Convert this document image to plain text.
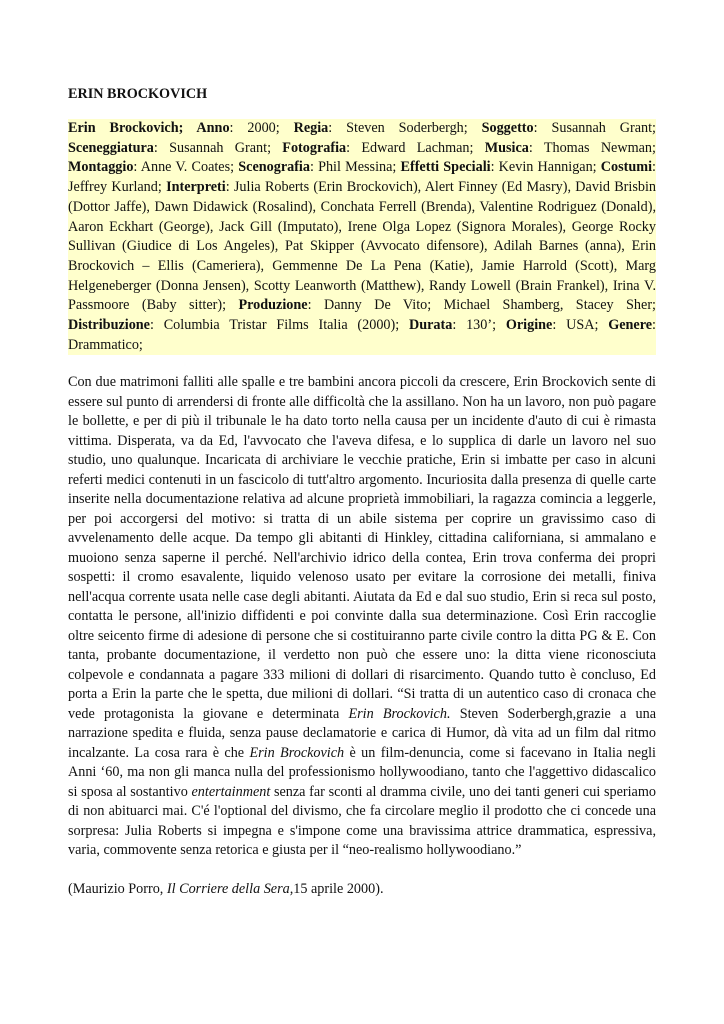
ERIN BROCKOVICH

Erin Brockovich; Anno: 2000; Regia: Steven Soderbergh; Soggetto: Susannah Grant; Sceneggiatura: Susannah Grant; Fotografia: Edward Lachman; Musica: Thomas Newman; Montaggio: Anne V. Coates; Scenografia: Phil Messina; Effetti Speciali: Kevin Hannigan; Costumi: Jeffrey Kurland; Interpreti: Julia Roberts (Erin Brockovich), Alert Finney (Ed Masry), David Brisbin (Dottor Jaffe), Dawn Didawick (Rosalind), Conchata Ferrell (Brenda), Valentine Rodriguez (Donald), Aaron Eckhart (George), Jack Gill (Imputato), Irene Olga Lopez (Signora Morales), George Rocky Sullivan (Giudice di Los Angeles), Pat Skipper (Avvocato difensore), Adilah Barnes (anna), Erin Brockovich – Ellis (Cameriera), Gemmenne De La Pena (Katie), Jamie Harrold (Scott), Marg Helgeneberger (Donna Jensen), Scotty Leanworth (Matthew), Randy Lowell (Brain Frankel), Irina V. Passmoore (Baby sitter); Produzione: Danny De Vito; Michael Shamberg, Stacey Sher; Distribuzione: Columbia Tristar Films Italia (2000); Durata: 130’; Origine: USA; Genere: Drammatico;

Con due matrimoni falliti alle spalle e tre bambini ancora piccoli da crescere, Erin Brockovich sente di essere sul punto di arrendersi di fronte alle difficoltà che la assillano. Non ha un lavoro, non può pagare le bollette, e per di più il tribunale le ha dato torto nella causa per un incidente d'auto di cui è rimasta vittima. Disperata, va da Ed, l'avvocato che l'aveva difesa, e lo supplica di darle un lavoro nel suo studio, uno qualunque. Incaricata di archiviare le vecchie pratiche, Erin si imbatte per caso in alcuni referti medici contenuti in un fascicolo di tutt'altro argomento. Incuriosita dalla presenza di quelle carte inserite nella documentazione relativa ad alcune proprietà immobiliari, la ragazza comincia a leggerle, per poi accorgersi del motivo: si tratta di un abile sistema per coprire un gravissimo caso di avvelenamento delle acque. Da tempo gli abitanti di Hinkley, cittadina californiana, si ammalano e muoiono senza saperne il perché. Nell'archivio idrico della contea, Erin trova conferma dei propri sospetti: il cromo esavalente, liquido velenoso usato per evitare la corrosione dei metalli, finiva nell'acqua corrente usata nelle case degli abitanti. Aiutata da Ed e dal suo studio, Erin si reca sul posto, contatta le persone, all'inizio diffidenti e poi convinte dalla sua determinazione. Così Erin raccoglie oltre seicento firme di adesione di persone che si costituiranno parte civile contro la ditta PG & E. Con tanta, probante documentazione, il verdetto non può che essere uno: la ditta viene riconosciuta colpevole e condannata a pagare 333 milioni di dollari di risarcimento. Quando tutto è concluso, Ed porta a Erin la parte che le spetta, due milioni di dollari. “Si tratta di un autentico caso di cronaca che vede protagonista la giovane e determinata Erin Brockovich. Steven Soderbergh,grazie a una narrazione spedita e fluida, senza pause declamatorie e carica di Humor, dà vita ad un film dal ritmo incalzante. La cosa rara è che Erin Brockovich è un film-denuncia, come si facevano in Italia negli Anni ‘60, ma non gli manca nulla del professionismo hollywoodiano, tanto che l'aggettivo didascalico si sposa al sostantivo entertainment senza far sconti al dramma civile, uno dei tanti generi cui speriamo di non abituarci mai. C'é l'optional del divismo, che fa circolare meglio il prodotto che ci concede una sorpresa: Julia Roberts si impegna e s'impone come una bravissima attrice drammatica, espressiva, varia, commovente senza retorica e giusta per il “neo-realismo hollywoodiano.”

(Maurizio Porro, Il Corriere della Sera,15 aprile 2000).
